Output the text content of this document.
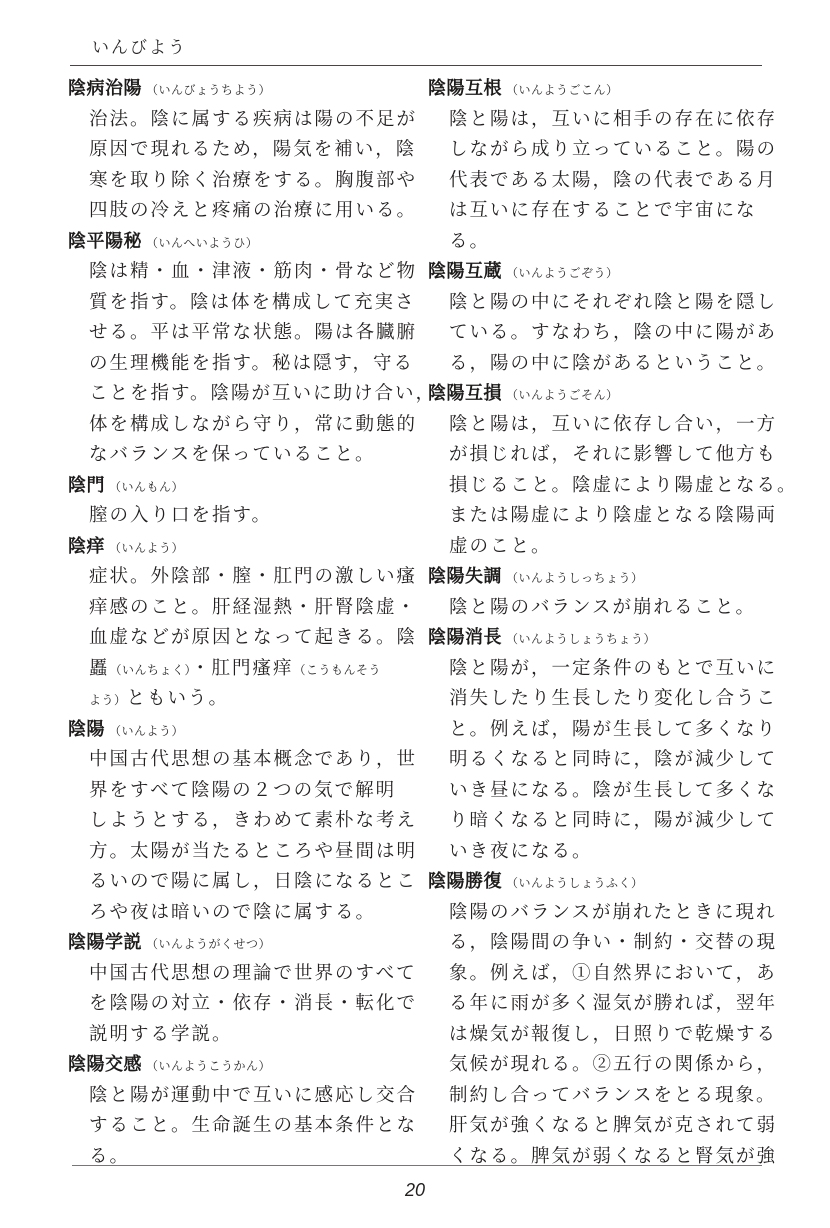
いんびよう
陰病治陽 （いんびょうちよう）
治法。陰に属する疾病は陽の不足が
原因で現れるため，陽気を補い，陰
寒を取り除く治療をする。胸腹部や
四肢の冷えと疼痛の治療に用いる。
陰平陽秘 （いんへいようひ）
陰は精・血・津液・筋肉・骨など物
質を指す。陰は体を構成して充実さ
せる。平は平常な状態。陽は各臓腑
の生理機能を指す。秘は隠す，守る
ことを指す。陰陽が互いに助け合い，
体を構成しながら守り，常に動態的
なバランスを保っていること。
陰門 （いんもん）
膣の入り口を指す。
陰痒 （いんよう）
症状。外陰部・膣・肛門の激しい瘙
痒感のこと。肝経湿熱・肝腎陰虚・
血虚などが原因となって起きる。陰
䘌（いんちょく）・肛門瘙痒（こうもんそう
よう）ともいう。
陰陽 （いんよう）
中国古代思想の基本概念であり，世
界をすべて陰陽の２つの気で解明
しようとする，きわめて素朴な考え
方。太陽が当たるところや昼間は明
るいので陽に属し，日陰になるとこ
ろや夜は暗いので陰に属する。
陰陽学説 （いんようがくせつ）
中国古代思想の理論で世界のすべて
を陰陽の対立・依存・消長・転化で
説明する学説。
陰陽交感 （いんようこうかん）
陰と陽が運動中で互いに感応し交合
すること。生命誕生の基本条件とな
る。
陰陽互根 （いんようごこん）
陰と陽は，互いに相手の存在に依存
しながら成り立っていること。陽の
代表である太陽，陰の代表である月
は互いに存在することで宇宙にな
る。
陰陽互蔵 （いんようごぞう）
陰と陽の中にそれぞれ陰と陽を隠し
ている。すなわち，陰の中に陽があ
る，陽の中に陰があるということ。
陰陽互損 （いんようごそん）
陰と陽は，互いに依存し合い，一方
が損じれば，それに影響して他方も
損じること。陰虚により陽虚となる。
または陽虚により陰虚となる陰陽両
虚のこと。
陰陽失調 （いんようしっちょう）
陰と陽のバランスが崩れること。
陰陽消長 （いんようしょうちょう）
陰と陽が，一定条件のもとで互いに
消失したり生長したり変化し合うこ
と。例えば，陽が生長して多くなり
明るくなると同時に，陰が減少して
いき昼になる。陰が生長して多くな
り暗くなると同時に，陽が減少して
いき夜になる。
陰陽勝復 （いんようしょうふく）
陰陽のバランスが崩れたときに現れ
る，陰陽間の争い・制約・交替の現
象。例えば，①自然界において，あ
る年に雨が多く湿気が勝れば，翌年
は燥気が報復し，日照りで乾燥する
気候が現れる。②五行の関係から，
制約し合ってバランスをとる現象。
肝気が強くなると脾気が克されて弱
くなる。脾気が弱くなると腎気が強
20
